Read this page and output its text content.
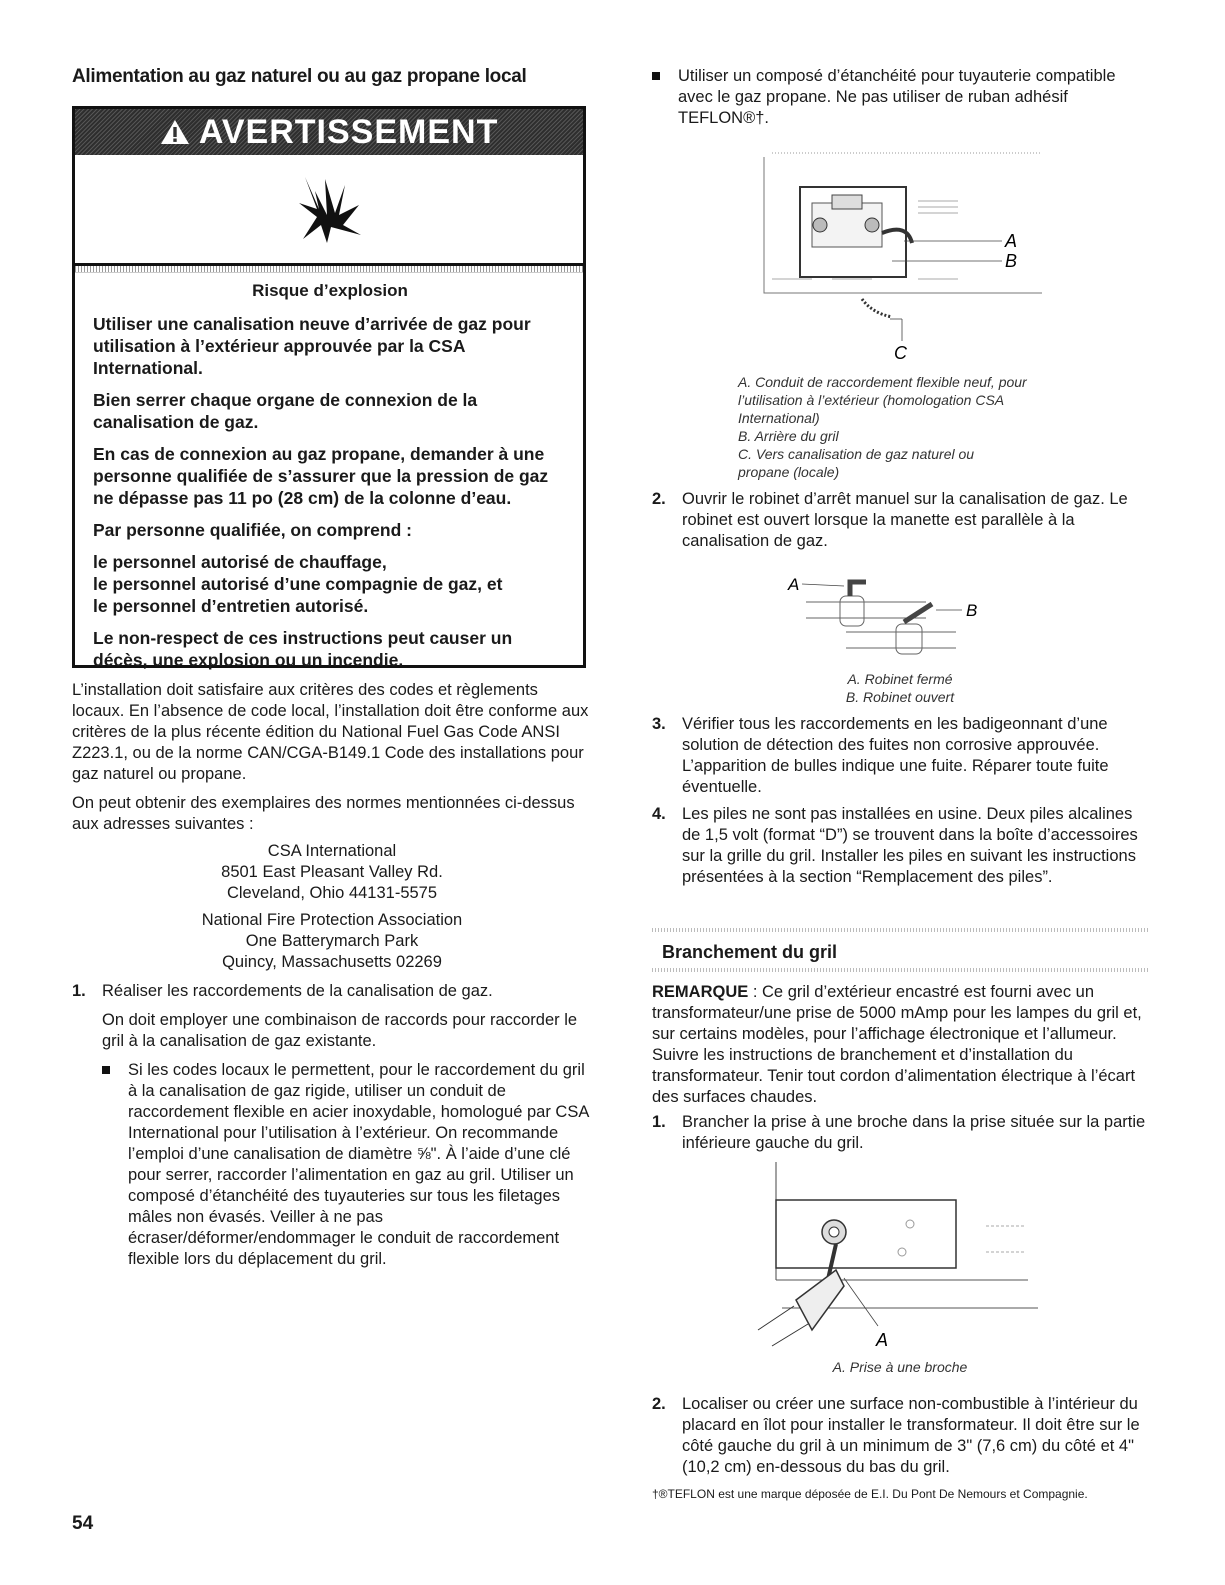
Alimentation au gaz naturel ou au gaz propane local
AVERTISSEMENT
Risque d’explosion

Utiliser une canalisation neuve d’arrivée de gaz pour utilisation à l’extérieur approuvée par la CSA International.

Bien serrer chaque organe de connexion de la canalisation de gaz.

En cas de connexion au gaz propane, demander à une personne qualifiée de s’assurer que la pression de gaz ne dépasse pas 11 po (28 cm) de la colonne d’eau.

Par personne qualifiée, on comprend :

le personnel autorisé de chauffage,
le personnel autorisé d’une compagnie de gaz, et
le personnel d’entretien autorisé.

Le non-respect de ces instructions peut causer un décès, une explosion ou un incendie.

L’installation doit satisfaire aux critères des codes et règlements locaux. En l’absence de code local, l’installation doit être conforme aux critères de la plus récente édition du National Fuel Gas Code ANSI Z223.1, ou de la norme CAN/CGA-B149.1 Code des installations pour gaz naturel ou propane.

On peut obtenir des exemplaires des normes mentionnées ci-dessus aux adresses suivantes :

CSA International
8501 East Pleasant Valley Rd.
Cleveland, Ohio 44131-5575
National Fire Protection Association
One Batterymarch Park
Quincy, Massachusetts 02269
1. Réaliser les raccordements de la canalisation de gaz.

On doit employer une combinaison de raccords pour raccorder le gril à la canalisation de gaz existante.

Si les codes locaux le permettent, pour le raccordement du gril à la canalisation de gaz rigide, utiliser un conduit de raccordement flexible en acier inoxydable, homologué par CSA International pour l’utilisation à l’extérieur. On recommande l’emploi d’une canalisation de diamètre ⅝". À l’aide d’une clé pour serrer, raccorder l’alimentation en gaz au gril. Utiliser un composé d’étanchéité des tuyauteries sur tous les filetages mâles non évasés. Veiller à ne pas écraser/déformer/endommager le conduit de raccordement flexible lors du déplacement du gril.

Utiliser un composé d’étanchéité pour tuyauterie compatible avec le gaz propane. Ne pas utiliser de ruban adhésif TEFLON®†.

A
B
C
A. Conduit de raccordement flexible neuf, pour l’utilisation à l’extérieur (homologation CSA International)
B. Arrière du gril
C. Vers canalisation de gaz naturel ou propane (locale)
2. Ouvrir le robinet d’arrêt manuel sur la canalisation de gaz. Le robinet est ouvert lorsque la manette est parallèle à la canalisation de gaz.

A
B
A. Robinet fermé
B. Robinet ouvert
3. Vérifier tous les raccordements en les badigeonnant d’une solution de détection des fuites non corrosive approuvée. L’apparition de bulles indique une fuite. Réparer toute fuite éventuelle.

4. Les piles ne sont pas installées en usine. Deux piles alcalines de 1,5 volt (format “D”) se trouvent dans la boîte d’accessoires sur la grille du gril. Installer les piles en suivant les instructions présentées à la section “Remplacement des piles”.

Branchement du gril

REMARQUE : Ce gril d’extérieur encastré est fourni avec un transformateur/une prise de 5000 mAmp pour les lampes du gril et, sur certains modèles, pour l’affichage électronique et l’allumeur. Suivre les instructions de branchement et d’installation du transformateur. Tenir tout cordon d’alimentation électrique à l’écart des surfaces chaudes.

1. Brancher la prise à une broche dans la prise située sur la partie inférieure gauche du gril.

A
A. Prise à une broche
2. Localiser ou créer une surface non-combustible à l’intérieur du placard en îlot pour installer le transformateur. Il doit être sur le côté gauche du gril à un minimum de 3" (7,6 cm) du côté et 4" (10,2 cm) en-dessous du bas du gril.

†®TEFLON est une marque déposée de E.I. Du Pont De Nemours et Compagnie.

54
